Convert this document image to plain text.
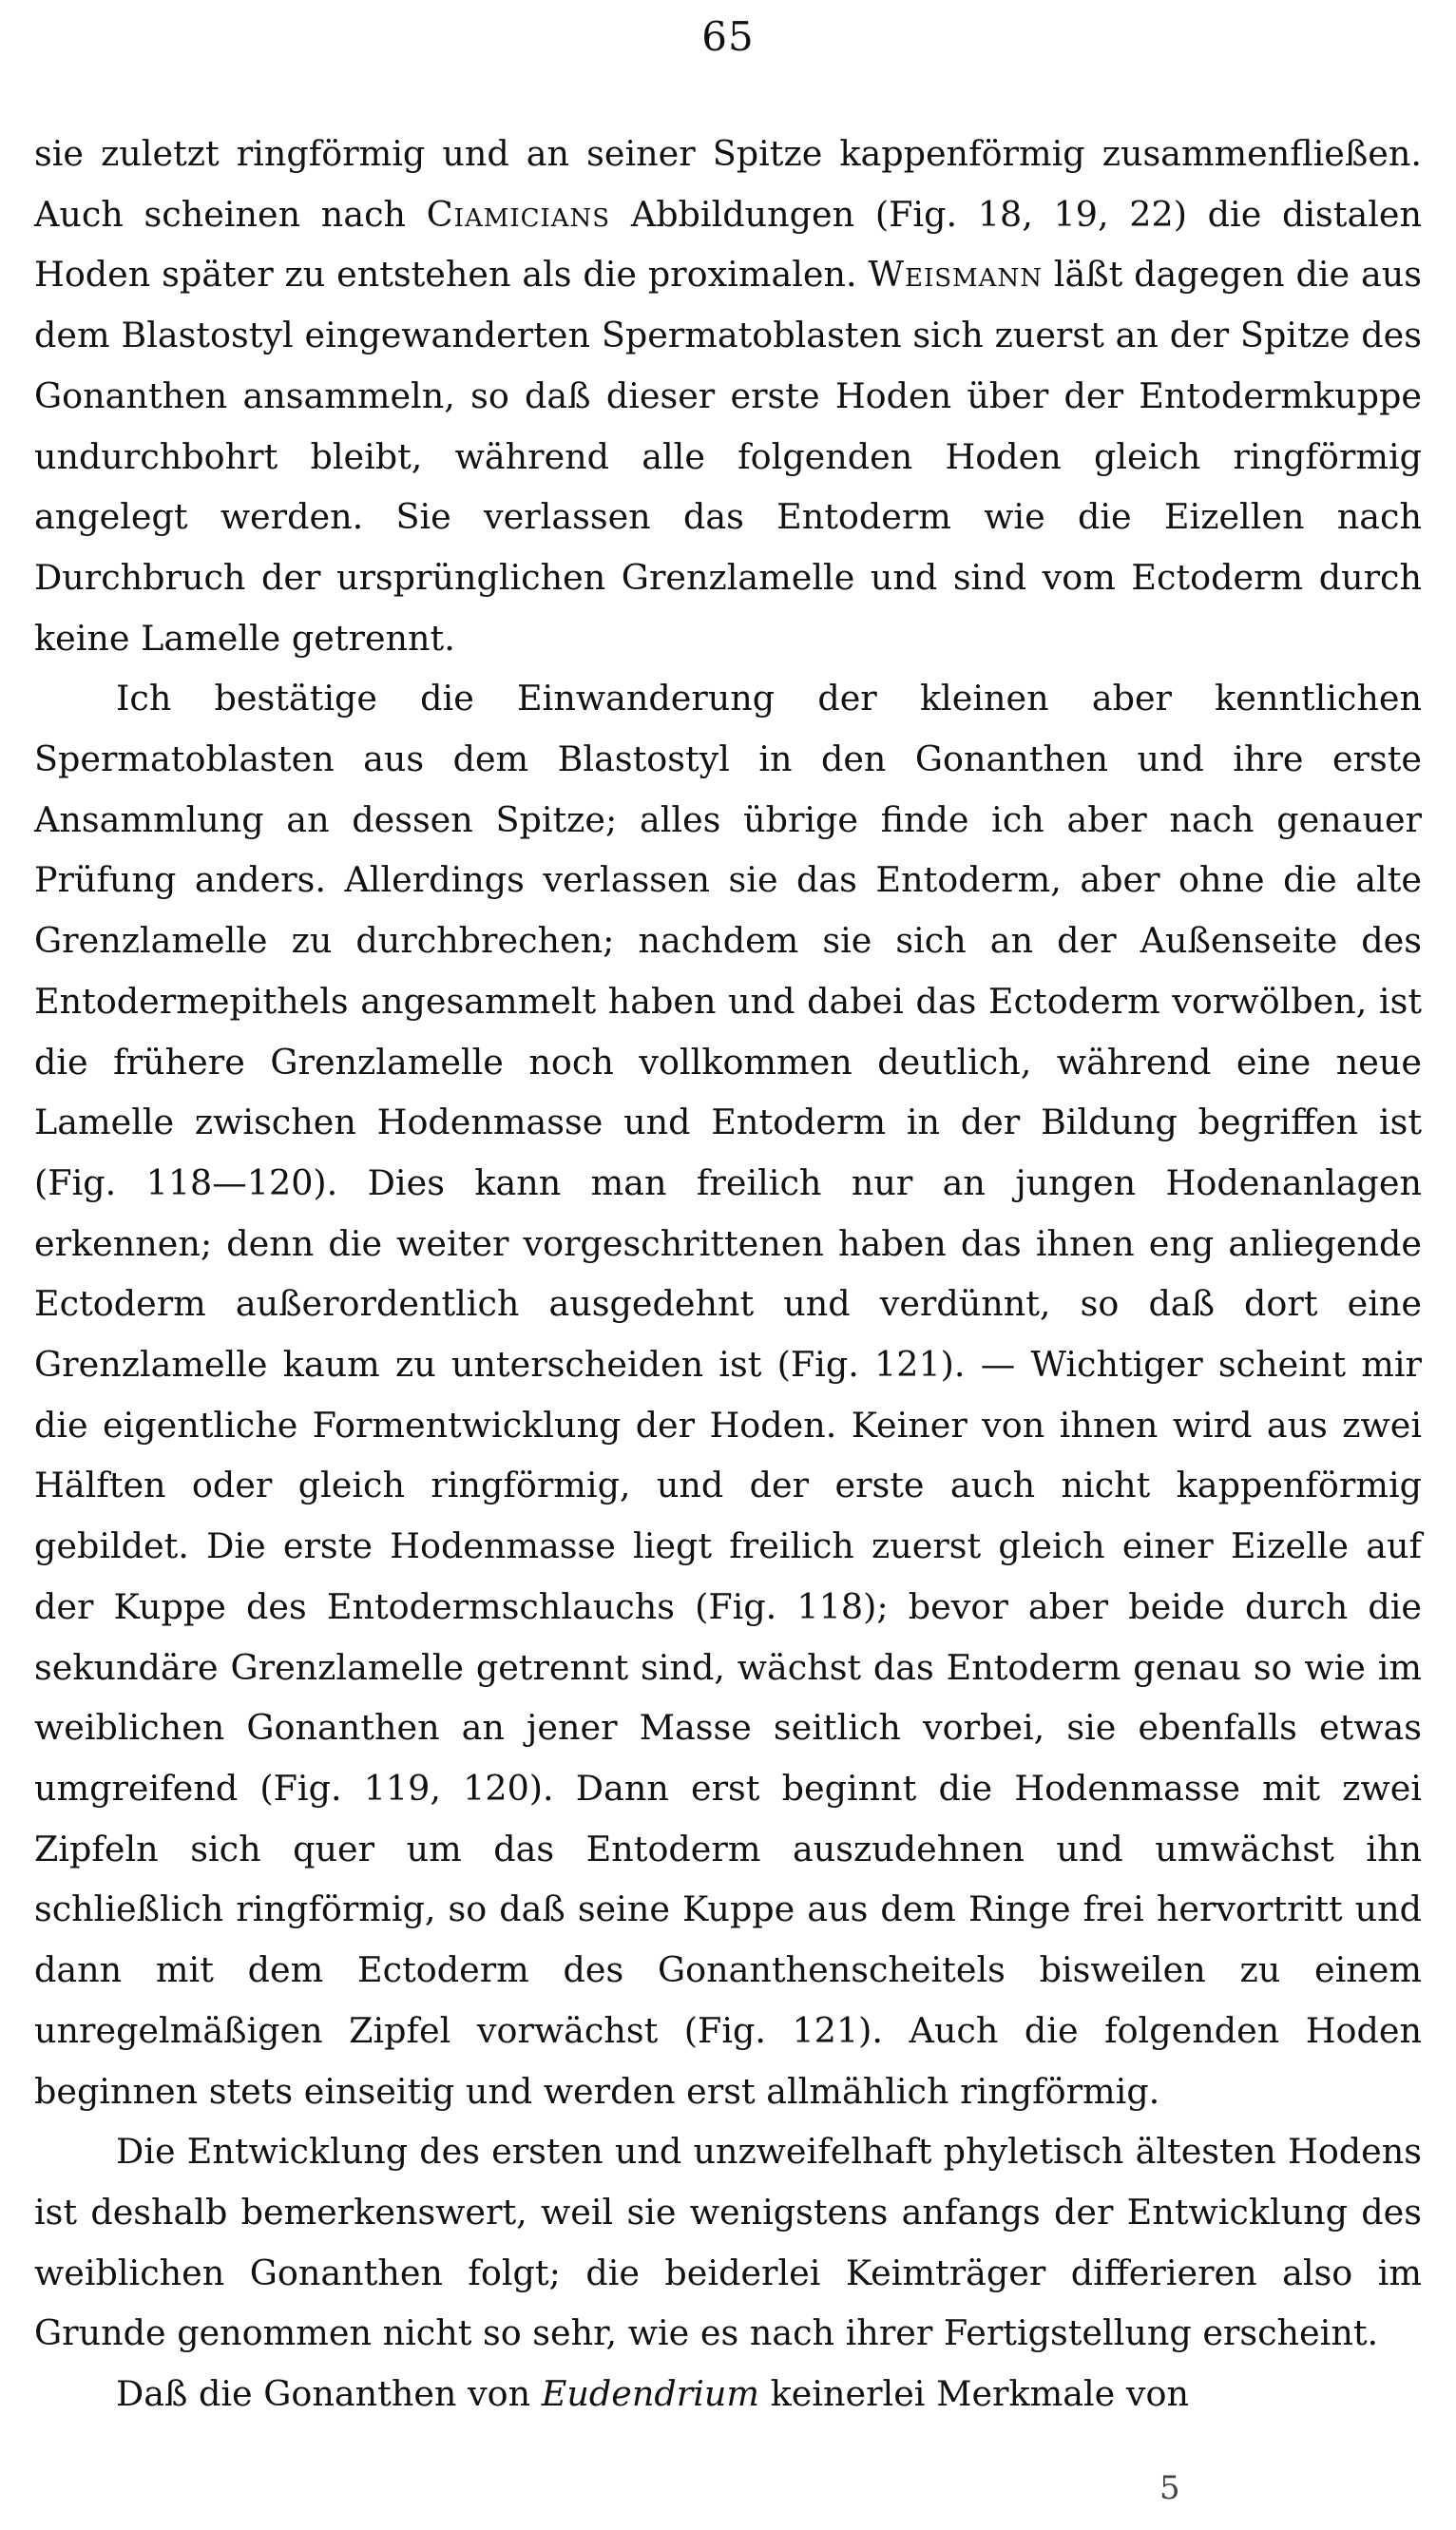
65

sie zuletzt ringförmig und an seiner Spitze kappenförmig zusammenfließen. Auch scheinen nach Ciamicians Abbildungen (Fig. 18, 19, 22) die distalen Hoden später zu entstehen als die proximalen. Weismann läßt dagegen die aus dem Blastostyl eingewanderten Spermatoblasten sich zuerst an der Spitze des Gonanthen ansammeln, so daß dieser erste Hoden über der Entodermkuppe undurchbohrt bleibt, während alle folgenden Hoden gleich ringförmig angelegt werden. Sie verlassen das Entoderm wie die Eizellen nach Durchbruch der ursprünglichen Grenzlamelle und sind vom Ectoderm durch keine Lamelle getrennt.

Ich bestätige die Einwanderung der kleinen aber kenntlichen Spermatoblasten aus dem Blastostyl in den Gonanthen und ihre erste Ansammlung an dessen Spitze; alles übrige finde ich aber nach genauer Prüfung anders. Allerdings verlassen sie das Entoderm, aber ohne die alte Grenzlamelle zu durchbrechen; nachdem sie sich an der Außenseite des Entodermepithels angesammelt haben und dabei das Ectoderm vorwölben, ist die frühere Grenzlamelle noch vollkommen deutlich, während eine neue Lamelle zwischen Hodenmasse und Entoderm in der Bildung begriffen ist (Fig. 118—120). Dies kann man freilich nur an jungen Hodenanlagen erkennen; denn die weiter vorgeschrittenen haben das ihnen eng anliegende Ectoderm außerordentlich ausgedehnt und verdünnt, so daß dort eine Grenzlamelle kaum zu unterscheiden ist (Fig. 121). — Wichtiger scheint mir die eigentliche Formentwicklung der Hoden. Keiner von ihnen wird aus zwei Hälften oder gleich ringförmig, und der erste auch nicht kappenförmig gebildet. Die erste Hodenmasse liegt freilich zuerst gleich einer Eizelle auf der Kuppe des Entodermschlauchs (Fig. 118); bevor aber beide durch die sekundäre Grenzlamelle getrennt sind, wächst das Entoderm genau so wie im weiblichen Gonanthen an jener Masse seitlich vorbei, sie ebenfalls etwas umgreifend (Fig. 119, 120). Dann erst beginnt die Hodenmasse mit zwei Zipfeln sich quer um das Entoderm auszudehnen und umwächst ihn schließlich ringförmig, so daß seine Kuppe aus dem Ringe frei hervortritt und dann mit dem Ectoderm des Gonanthenscheitels bisweilen zu einem unregelmäßigen Zipfel vorwächst (Fig. 121). Auch die folgenden Hoden beginnen stets einseitig und werden erst allmählich ringförmig.

Die Entwicklung des ersten und unzweifelhaft phyletisch ältesten Hodens ist deshalb bemerkenswert, weil sie wenigstens anfangs der Entwicklung des weiblichen Gonanthen folgt; die beiderlei Keimträger differieren also im Grunde genommen nicht so sehr, wie es nach ihrer Fertigstellung erscheint.

Daß die Gonanthen von Eudendrium keinerlei Merkmale von

5
